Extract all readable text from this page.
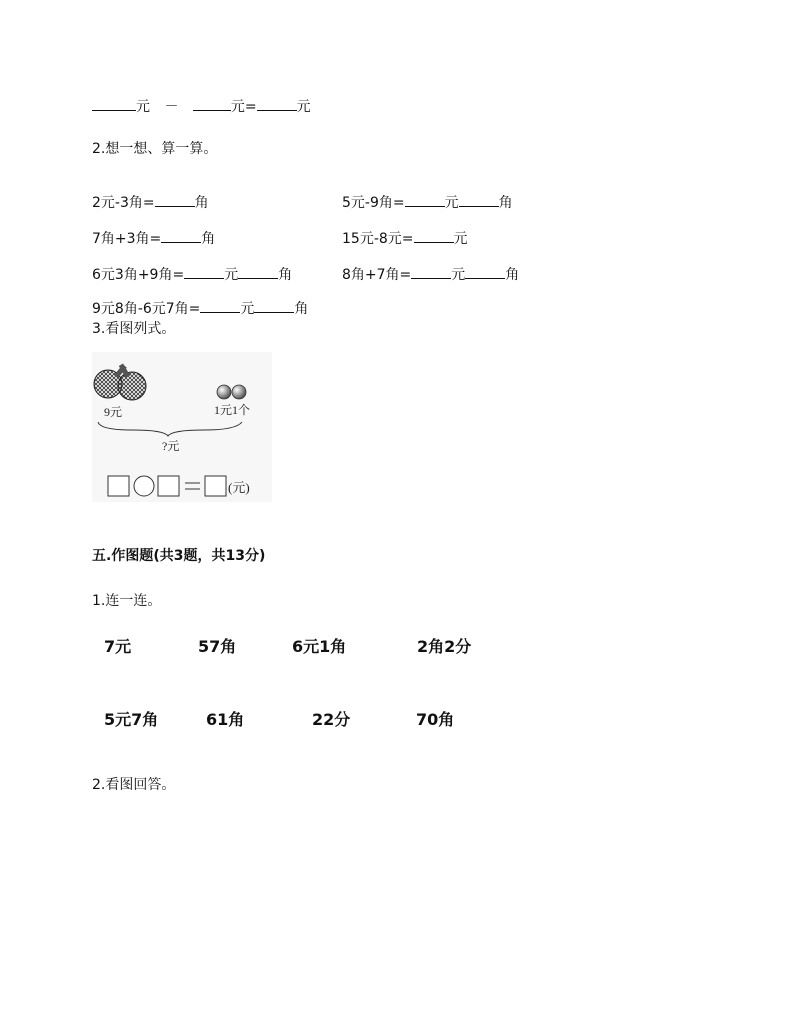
元 －	元=	元
2.想一想、算一算。
2元-3角=	角	5元-9角=	元	角
7角+3角=	角	15元-8元=	元
6元3角+9角=	元	角	8角+7角=	元	角
9元8角-6元7角=	元	角
3.看图列式。
9元	1元1个
?元
(元)
五.作图题(共3题，共13分)
1.连一连。
7元	57角	6元1角	2角2分
5元7角	61角	22分	70角
2.看图回答。
